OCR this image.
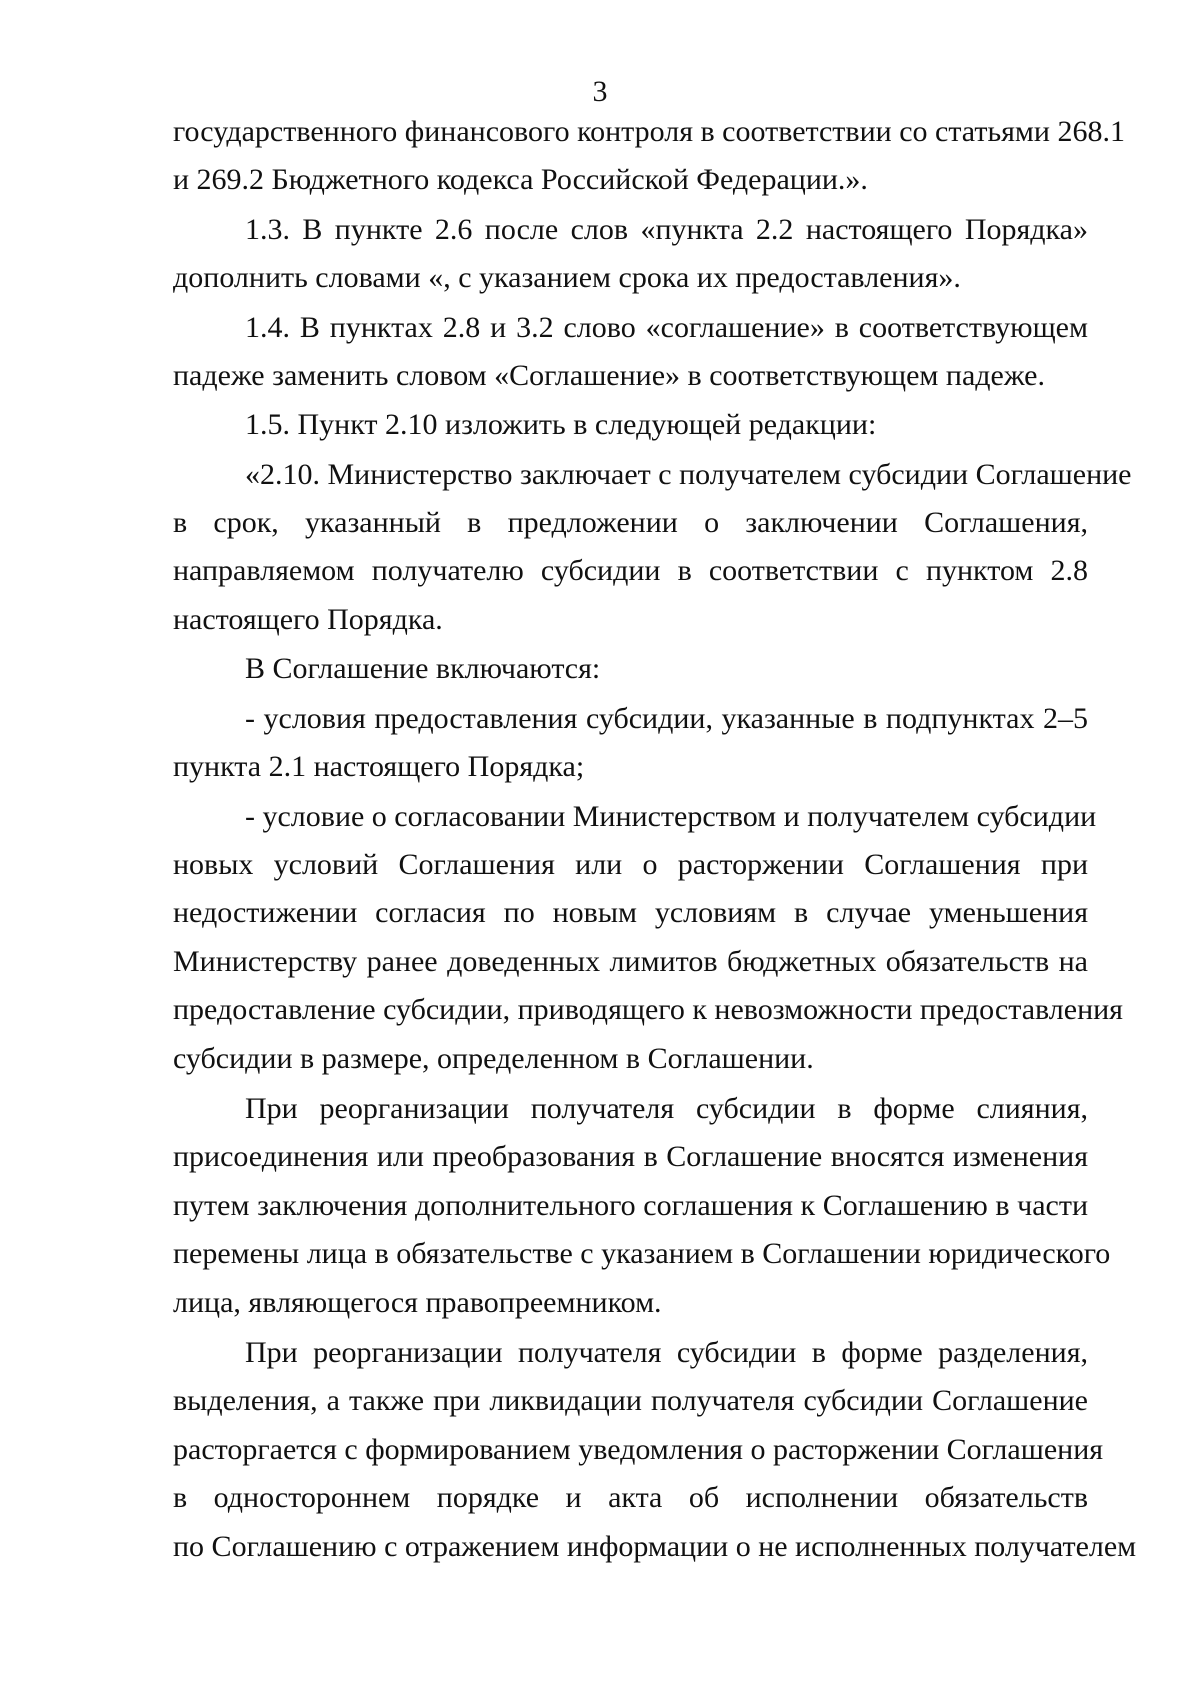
3
государственного финансового контроля в соответствии со статьями 268.1
и 269.2 Бюджетного кодекса Российской Федерации.».
1.3. В пункте 2.6 после слов «пункта 2.2 настоящего Порядка»
дополнить словами «, с указанием срока их предоставления».
1.4. В пунктах 2.8 и 3.2 слово «соглашение» в соответствующем
падеже заменить словом «Соглашение» в соответствующем падеже.
1.5. Пункт 2.10 изложить в следующей редакции:
«2.10. Министерство заключает с получателем субсидии Соглашение
в срок, указанный в предложении о заключении Соглашения,
направляемом получателю субсидии в соответствии с пунктом 2.8
настоящего Порядка.
В Соглашение включаются:
- условия предоставления субсидии, указанные в подпунктах 2–5
пункта 2.1 настоящего Порядка;
- условие о согласовании Министерством и получателем субсидии
новых условий Соглашения или о расторжении Соглашения при
недостижении согласия по новым условиям в случае уменьшения
Министерству ранее доведенных лимитов бюджетных обязательств на
предоставление субсидии, приводящего к невозможности предоставления
субсидии в размере, определенном в Соглашении.
При реорганизации получателя субсидии в форме слияния,
присоединения или преобразования в Соглашение вносятся изменения
путем заключения дополнительного соглашения к Соглашению в части
перемены лица в обязательстве с указанием в Соглашении юридического
лица, являющегося правопреемником.
При реорганизации получателя субсидии в форме разделения,
выделения, а также при ликвидации получателя субсидии Соглашение
расторгается с формированием уведомления о расторжении Соглашения
в одностороннем порядке и акта об исполнении обязательств
по Соглашению с отражением информации о не исполненных получателем
